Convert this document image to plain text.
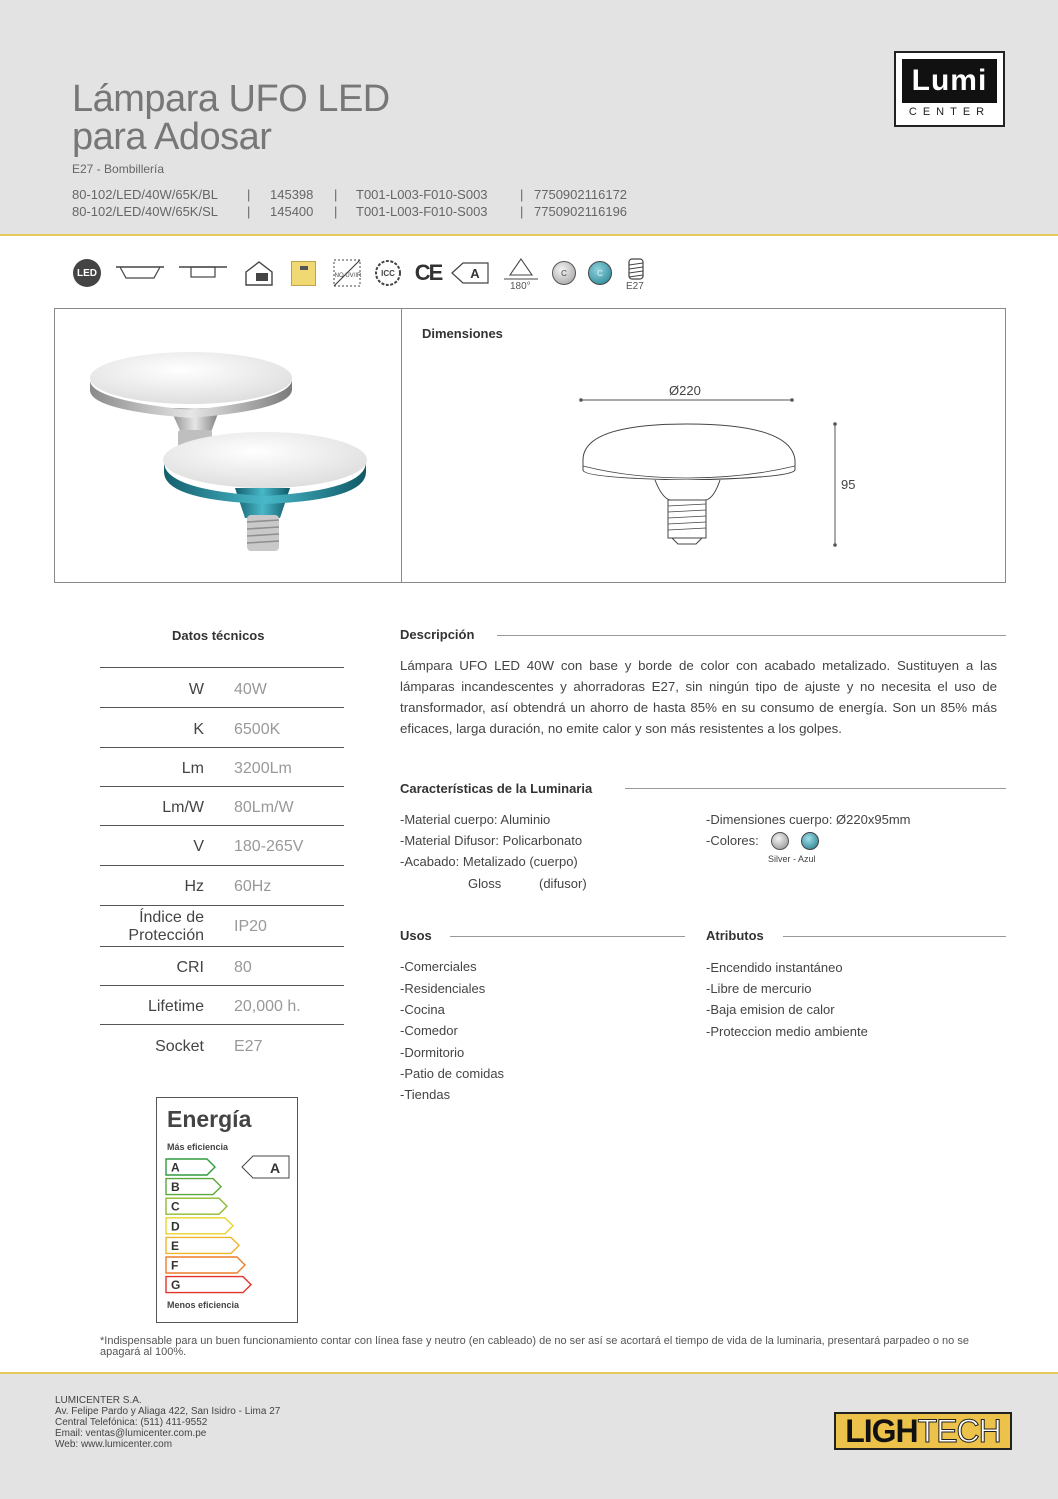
Lámpara UFO LED
para Adosar
E27 - Bombillería
80-102/LED/40W/65K/BL | 145398 | T001-L003-F010-S003 | 7750902116172
80-102/LED/40W/65K/SL | 145400 | T001-L003-F010-S003 | 7750902116196
Lumi
CENTER
LED	NO UV/IR ICC CE A
180°
C	C
E27
Dimensiones
Ø220
95
Datos técnicos
W 40W
K 6500K
Lm 3200Lm
Lm/W 80Lm/W
V 180-265V
Hz 60Hz
Índice de
Protección
IP20
CRI 80
Lifetime 20,000 h.
Socket E27
Descripción
Lámpara UFO LED 40W con base y borde de color con acabado metalizado. Sustituyen a las lámparas incandescentes y ahorradoras E27, sin ningún tipo de ajuste y no necesita el uso de transformador, así obtendrá un ahorro de hasta 85% en su consumo de energía. Son un 85% más eficaces, larga duración, no emite calor y son más resistentes a los golpes.
Características de la Luminaria
-Material cuerpo: Aluminio
-Material Difusor: Policarbonato
-Acabado: Metalizado (cuerpo)
Gloss	(difusor)
-Dimensiones cuerpo: Ø220x95mm
-Colores:
Silver - Azul
Usos
-Comerciales
-Residenciales
-Cocina
-Comedor
-Dormitorio
-Patio de comidas
-Tiendas
Atributos
-Encendido instantáneo
-Libre de mercurio
-Baja emision de calor
-Proteccion medio ambiente
Energía
Más eficiencia
Menos eficiencia
A
B
C
D
E
F
G
A
*Indispensable para un buen funcionamiento contar con línea fase y neutro (en cableado) de no ser así se acortará el tiempo de vida de la luminaria, presentará parpadeo o no se apagará al 100%.
LUMICENTER S.A.
Av. Felipe Pardo y Aliaga 422, San Isidro - Lima 27
Central Telefónica: (511) 411-9552
Email: ventas@lumicenter.com.pe
Web: www.lumicenter.com	LIGH TECH
